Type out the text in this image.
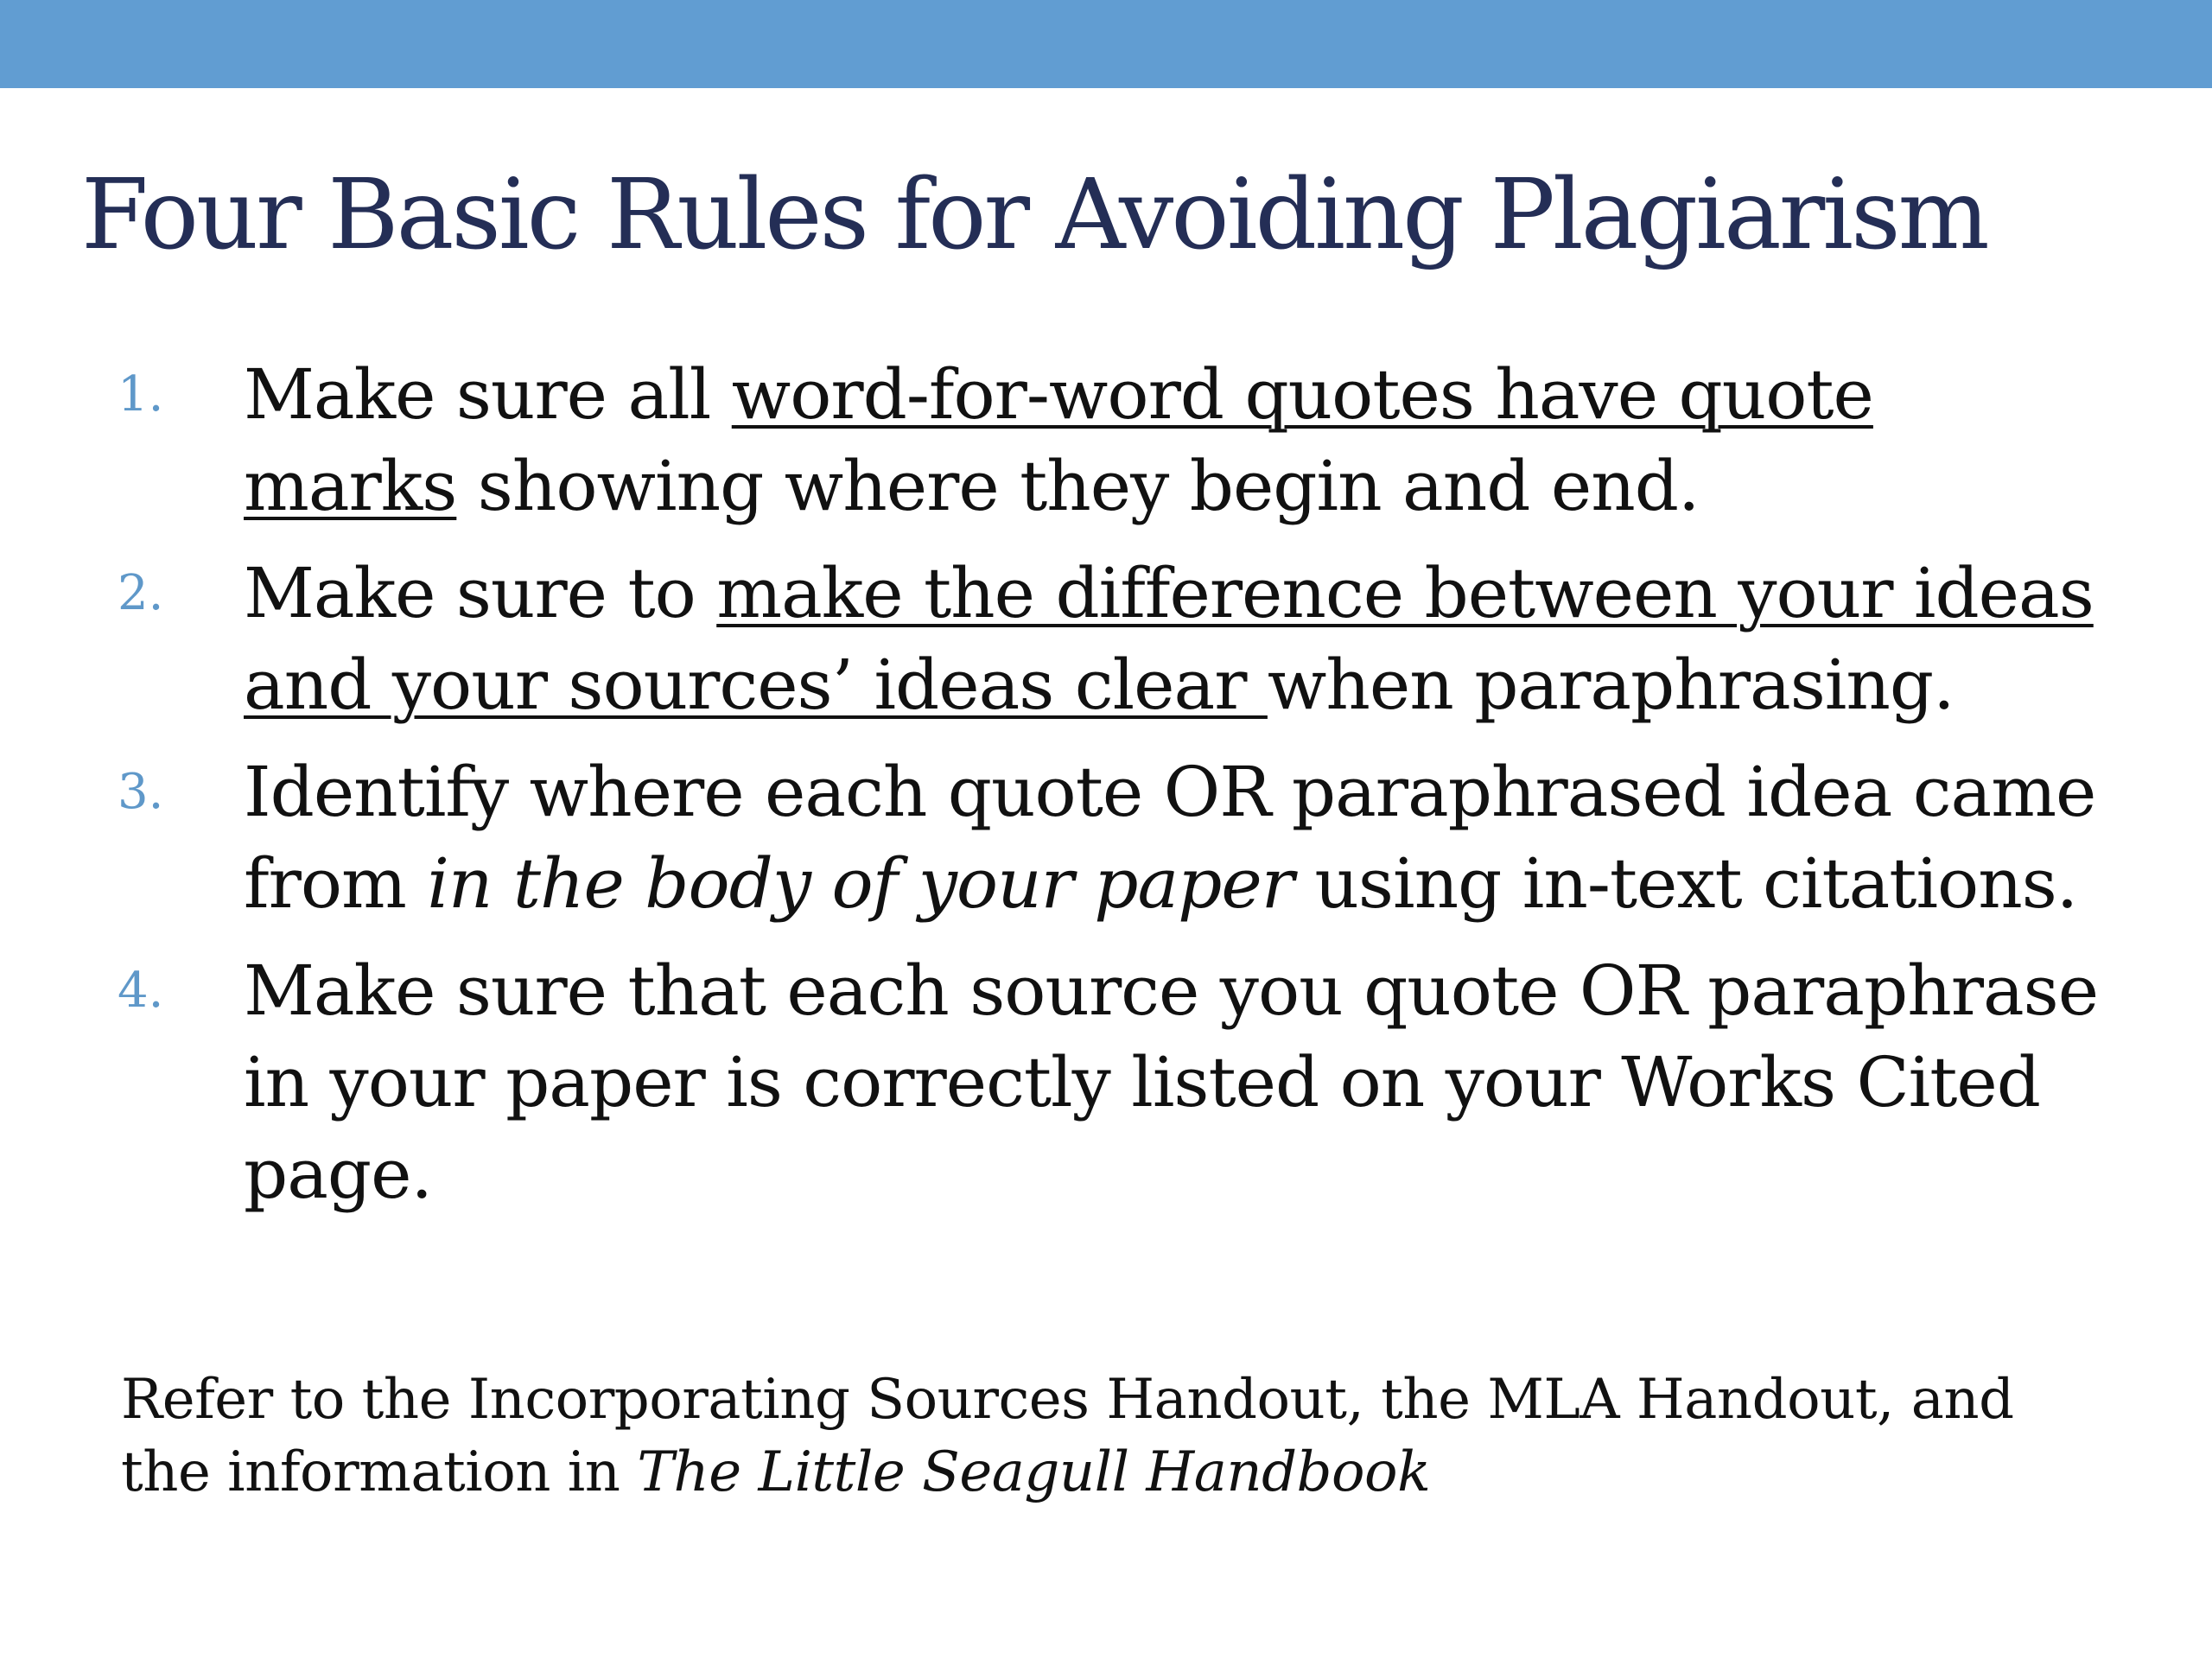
Four Basic Rules for Avoiding Plagiarism
1.	Make sure all word-for-word quotes have quote marks showing where they begin and end.
2.	Make sure to make the difference between your ideas and your sources’ ideas clear when paraphrasing.
3.	Identify where each quote OR paraphrased idea came from in the body of your paper using in-text citations.
4.	Make sure that each source you quote OR paraphrase in your paper is correctly listed on your Works Cited page.

Refer to the Incorporating Sources Handout, the MLA Handout, and the information in The Little Seagull Handbook
